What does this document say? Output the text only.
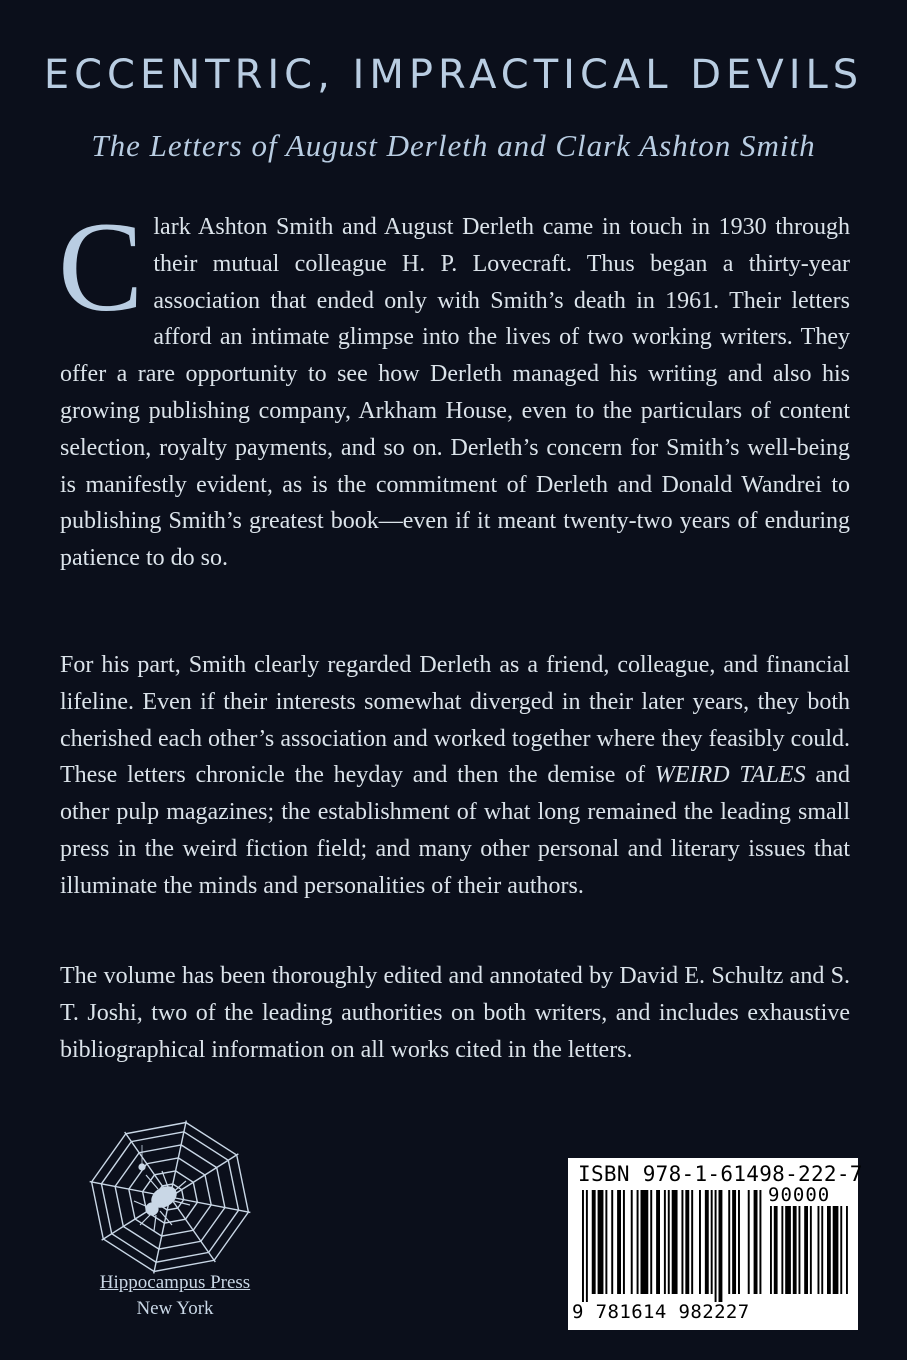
ECCENTRIC, IMPRACTICAL DEVILS
The Letters of August Derleth and Clark Ashton Smith

Clark Ashton Smith and August Derleth came in touch in 1930 through their mutual colleague H. P. Lovecraft. Thus began a thirty-year association that ended only with Smith’s death in 1961. Their letters afford an intimate glimpse into the lives of two working writers. They offer a rare opportunity to see how Derleth managed his writing and also his growing publishing company, Arkham House, even to the particulars of content selection, royalty payments, and so on. Derleth’s concern for Smith’s well-being is manifestly evident, as is the commitment of Derleth and Donald Wandrei to publishing Smith’s greatest book—even if it meant twenty-two years of enduring patience to do so.

For his part, Smith clearly regarded Derleth as a friend, colleague, and financial lifeline. Even if their interests somewhat diverged in their later years, they both cherished each other’s association and worked together where they feasibly could. These letters chronicle the heyday and then the demise of WEIRD TALES and other pulp magazines; the establishment of what long remained the leading small press in the weird fiction field; and many other personal and literary issues that illuminate the minds and personalities of their authors.

The volume has been thoroughly edited and annotated by David E. Schultz and S. T. Joshi, two of the leading authorities on both writers, and includes exhaustive bibliographical information on all works cited in the letters.

Hippocampus Press
New York
ISBN 978-1-61498-222-7
90000
9 781614 982227
